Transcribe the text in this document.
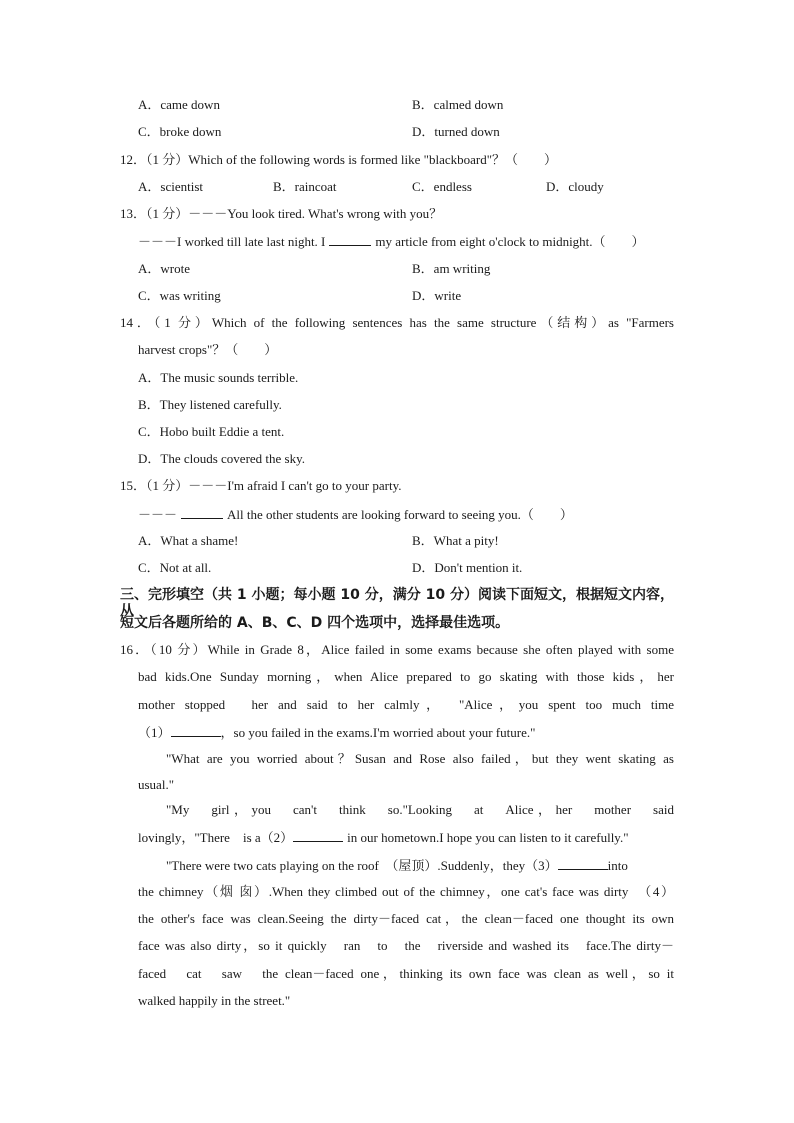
A．came down	B．calmed down
C．broke down	D．turned down
12．（1 分）Which of the following words is formed like "blackboard"？（　　）
A．scientist	B．raincoat	C．endless	D．cloudy
13．（1 分）－－－You look tired. What's wrong with you？
－－－I worked till late last night. I	my article from eight o'clock to midnight.（　　）
A．wrote	B．am writing
C．was writing	D．write
14．（1 分）Which of the following sentences has the same structure（结构）as "Farmers
harvest crops"？（　　）
A．The music sounds terrible.
B．They listened carefully.
C．Hobo built Eddie a tent.
D．The clouds covered the sky.
15．（1 分）－－－I'm afraid I can't go to your party.
－－－	All the other students are looking forward to seeing you.（　　）
A．What a shame!	B．What a pity!
C．Not at all.	D．Don't mention it.
三、完形填空（共 1 小题；每小题 10 分，满分 10 分）阅读下面短文，根据短文内容，从
短文后各题所给的 A、B、C、D 四个选项中，选择最佳选项。
16．（10 分）While in Grade 8，Alice failed in some exams because she often played with some
bad kids.One Sunday morning，when Alice prepared to go skating with those kids，her
mother stopped　her and said to her calmly，　"Alice，you spent too much time
（1）	，so you failed in the exams.I'm worried about your future."
"What are you worried about？Susan and Rose also failed，but they went skating as
usual."
"My　girl，you　can't　think　so."Looking　at　Alice，her　mother　said
lovingly，"There　is a（2）	in our hometown.I hope you can listen to it carefully."
"There were two cats playing on the roof　（屋顶）.Suddenly，they（3）	into
the chimney（烟 囱）.When they climbed out of the chimney，one cat's face was dirty　（4）
the other's face was clean.Seeing the dirty－faced cat，the clean－faced one thought its own
face was also dirty，so it quickly　ran　to　the　riverside and washed its　face.The dirty－
faced　cat　saw　the clean－faced one，thinking its own face was clean as well，so it
walked happily in the street."
